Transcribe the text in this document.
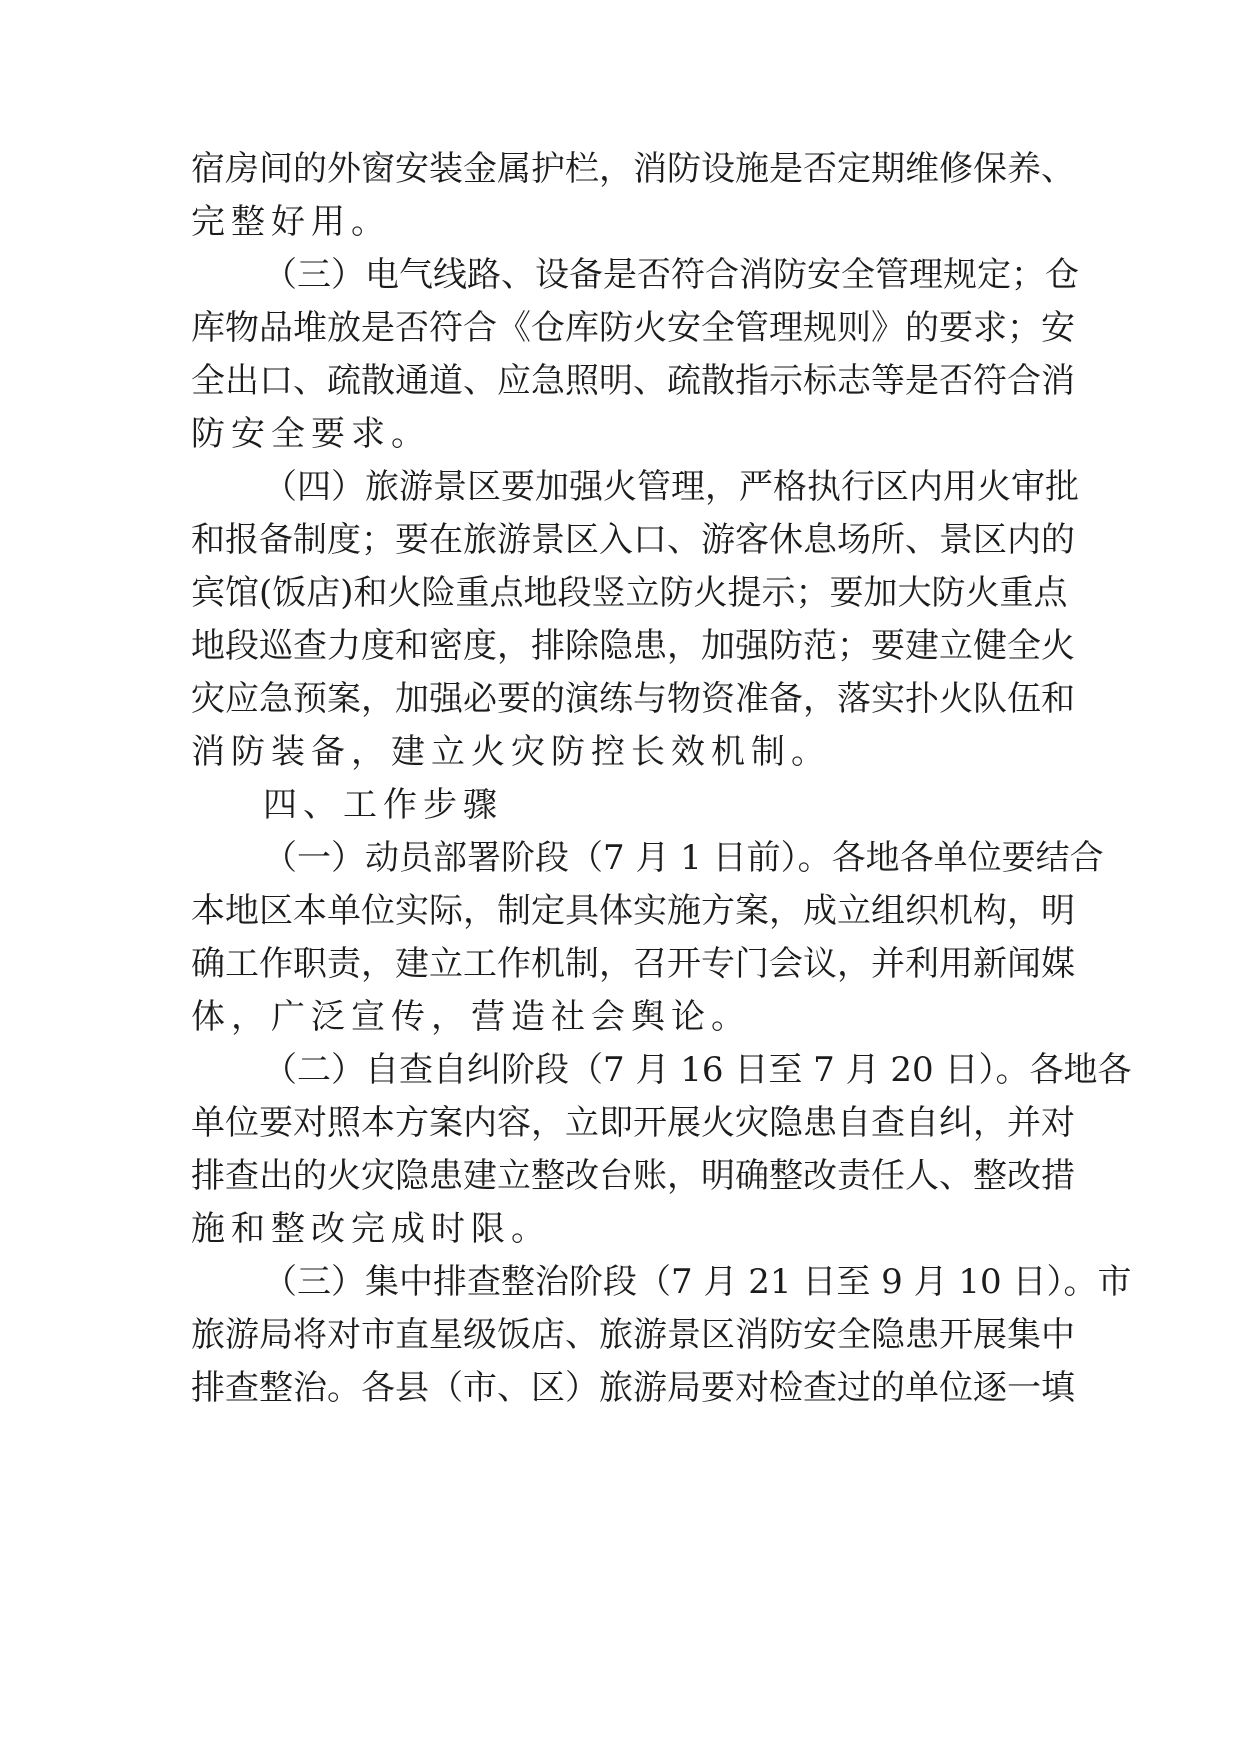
宿房间的外窗安装金属护栏，消防设施是否定期维修保养、
完整好用。
（三）电气线路、设备是否符合消防安全管理规定；仓
库物品堆放是否符合《仓库防火安全管理规则》的要求；安
全出口、疏散通道、应急照明、疏散指示标志等是否符合消
防安全要求。
（四）旅游景区要加强火管理，严格执行区内用火审批
和报备制度；要在旅游景区入口、游客休息场所、景区内的
宾馆(饭店)和火险重点地段竖立防火提示；要加大防火重点
地段巡查力度和密度，排除隐患，加强防范；要建立健全火
灾应急预案，加强必要的演练与物资准备，落实扑火队伍和
消防装备，建立火灾防控长效机制。
四、工作步骤
（一）动员部署阶段（7 月 1 日前）。各地各单位要结合
本地区本单位实际，制定具体实施方案，成立组织机构，明
确工作职责，建立工作机制，召开专门会议，并利用新闻媒
体，广泛宣传，营造社会舆论。
（二）自查自纠阶段（7 月 16 日至 7 月 20 日）。各地各
单位要对照本方案内容，立即开展火灾隐患自查自纠，并对
排查出的火灾隐患建立整改台账，明确整改责任人、整改措
施和整改完成时限。
（三）集中排查整治阶段（7 月 21 日至 9 月 10 日）。市
旅游局将对市直星级饭店、旅游景区消防安全隐患开展集中
排查整治。各县（市、区）旅游局要对检查过的单位逐一填
